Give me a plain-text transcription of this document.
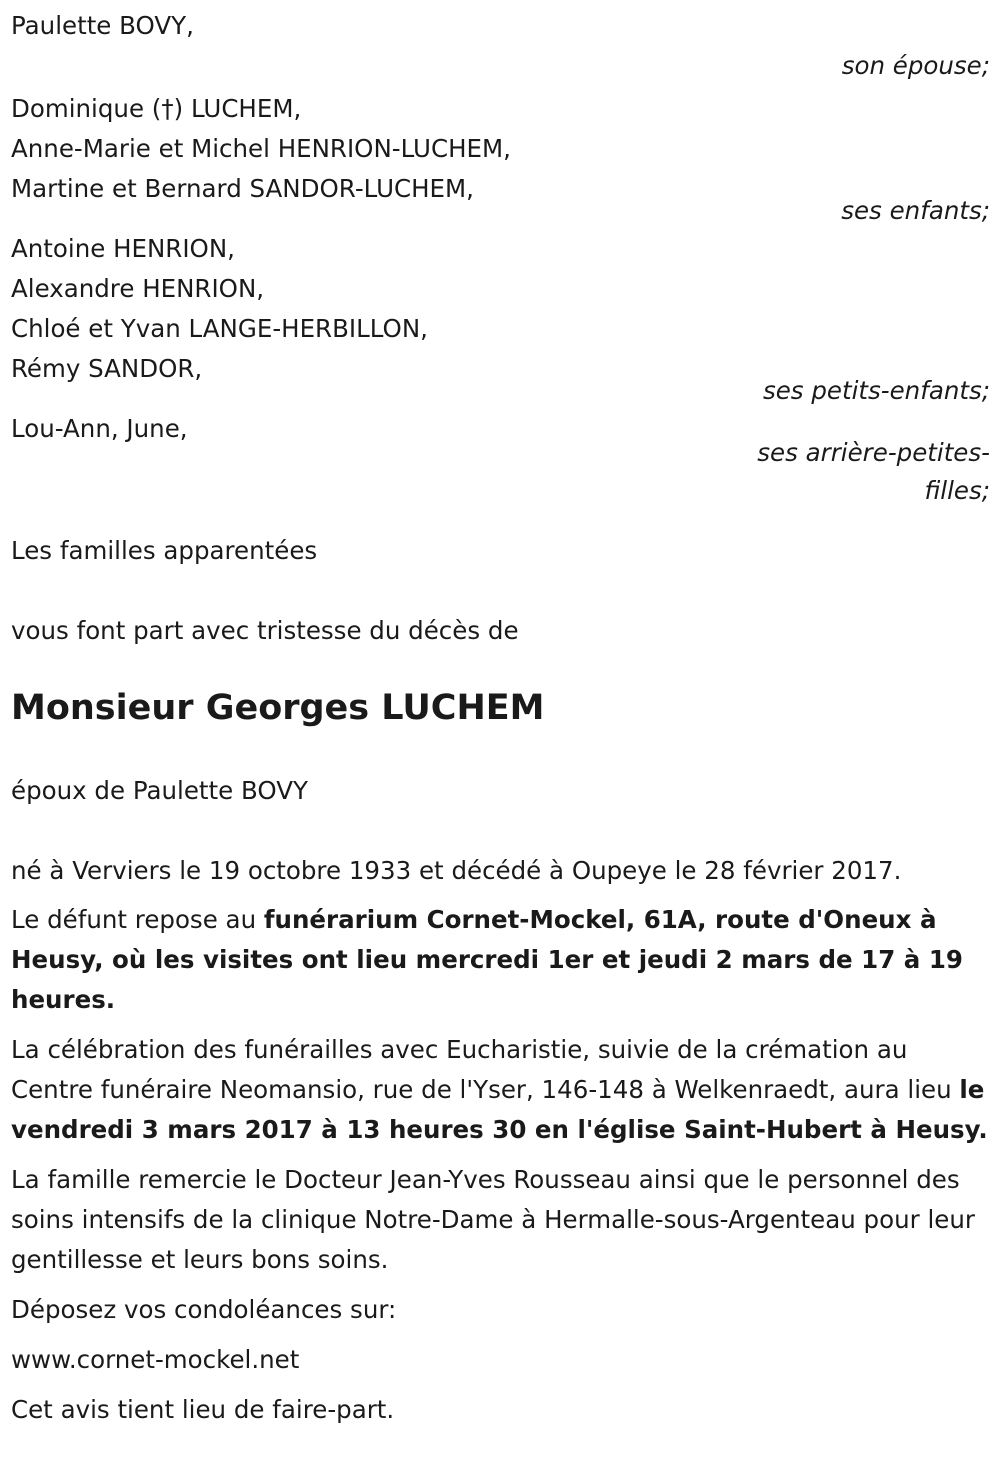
Paulette BOVY,
son épouse;
Dominique (†) LUCHEM,
Anne-Marie et Michel HENRION-LUCHEM,
Martine et Bernard SANDOR-LUCHEM,
ses enfants;
Antoine HENRION,
Alexandre HENRION,
Chloé et Yvan LANGE-HERBILLON,
Rémy SANDOR,
ses petits-enfants;
Lou-Ann, June,
ses arrière-petites-
filles;
Les familles apparentées
vous font part avec tristesse du décès de
Monsieur Georges LUCHEM
époux de Paulette BOVY
né à Verviers le 19 octobre 1933 et décédé à Oupeye le 28 février 2017.

Le défunt repose au funérarium Cornet-Mockel, 61A, route d'Oneux à Heusy, où les visites ont lieu mercredi 1er et jeudi 2 mars de 17 à 19 heures.

La célébration des funérailles avec Eucharistie, suivie de la crémation au Centre funéraire Neomansio, rue de l'Yser, 146-148 à Welkenraedt, aura lieu le vendredi 3 mars 2017 à 13 heures 30 en l'église Saint-Hubert à Heusy.

La famille remercie le Docteur Jean-Yves Rousseau ainsi que le personnel des soins intensifs de la clinique Notre-Dame à Hermalle-sous-Argenteau pour leur gentillesse et leurs bons soins.

Déposez vos condoléances sur:
www.cornet-mockel.net
Cet avis tient lieu de faire-part.
